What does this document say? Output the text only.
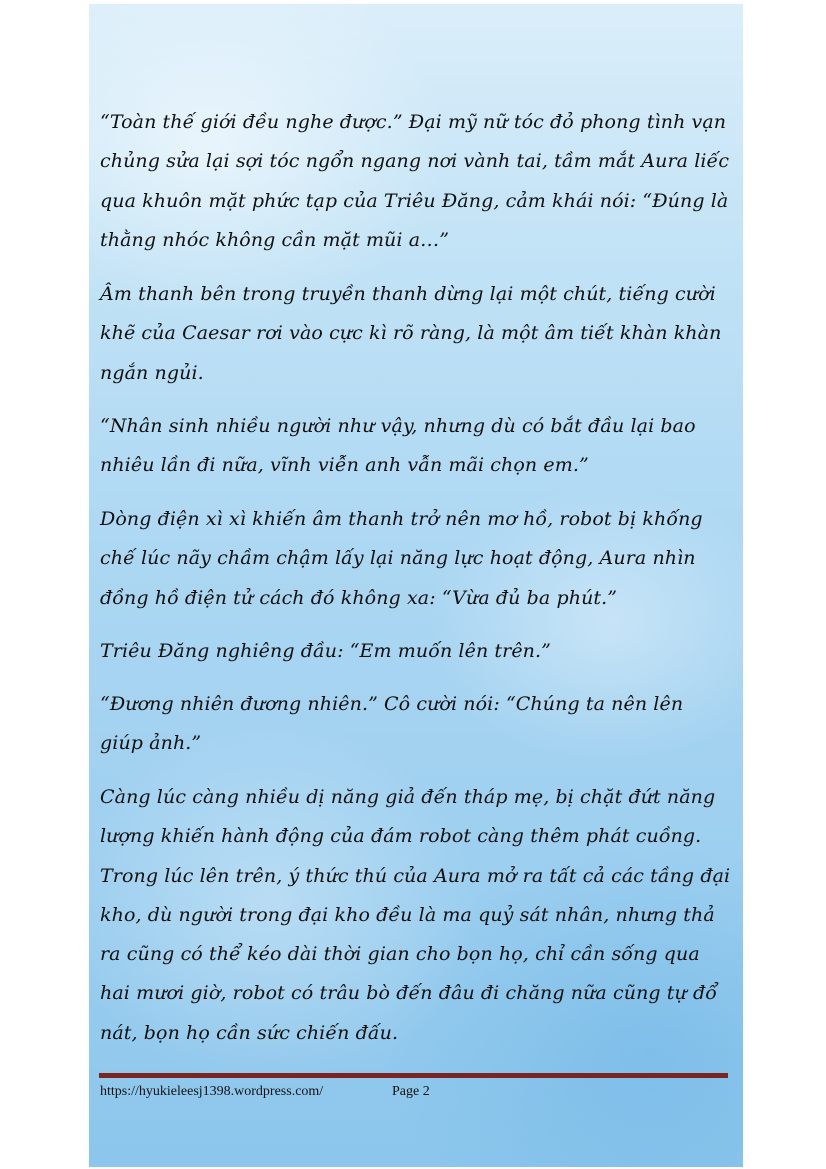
“Toàn thế giới đều nghe được.” Đại mỹ nữ tóc đỏ phong tình vạn chủng sửa lại sợi tóc ngổn ngang nơi vành tai, tầm mắt Aura liếc qua khuôn mặt phức tạp của Triêu Đăng, cảm khái nói: “Đúng là thằng nhóc không cần mặt mũi a…”

Âm thanh bên trong truyền thanh dừng lại một chút, tiếng cười khẽ của Caesar rơi vào cực kì rõ ràng, là một âm tiết khàn khàn ngắn ngủi.

“Nhân sinh nhiều người như vậy, nhưng dù có bắt đầu lại bao nhiêu lần đi nữa, vĩnh viễn anh vẫn mãi chọn em.”

Dòng điện xì xì khiến âm thanh trở nên mơ hồ, robot bị khống chế lúc nãy chầm chậm lấy lại năng lực hoạt động, Aura nhìn đồng hồ điện tử cách đó không xa: “Vừa đủ ba phút.”

Triêu Đăng nghiêng đầu: “Em muốn lên trên.”

“Đương nhiên đương nhiên.” Cô cười nói: “Chúng ta nên lên giúp ảnh.”

Càng lúc càng nhiều dị năng giả đến tháp mẹ, bị chặt đứt năng lượng khiến hành động của đám robot càng thêm phát cuồng. Trong lúc lên trên, ý thức thú của Aura mở ra tất cả các tầng đại kho, dù người trong đại kho đều là ma quỷ sát nhân, nhưng thả ra cũng có thể kéo dài thời gian cho bọn họ, chỉ cần sống qua hai mươi giờ, robot có trâu bò đến đâu đi chăng nữa cũng tự đổ nát, bọn họ cần sức chiến đấu.

https://hyukieleesj1398.wordpress.com/	Page 2
